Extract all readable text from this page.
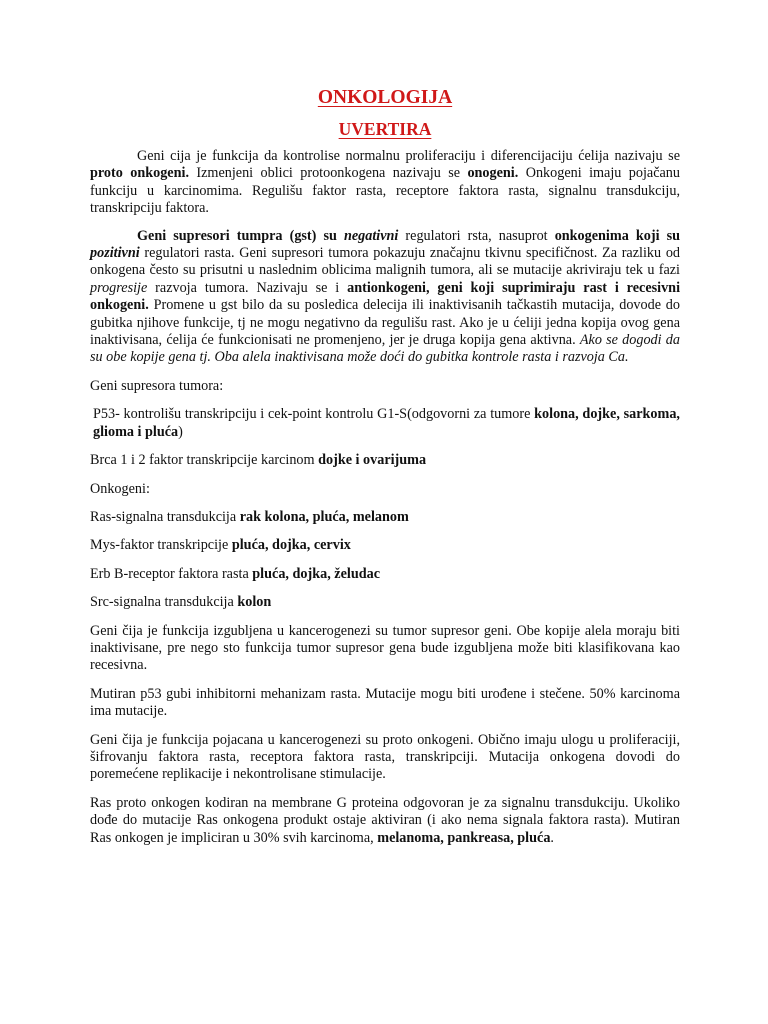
ONKOLOGIJA
UVERTIRA

Geni cija je funkcija da kontrolise normalnu proliferaciju i diferencijaciju ćelija nazivaju se proto onkogeni. Izmenjeni oblici protoonkogena nazivaju se onogeni. Onkogeni imaju pojačanu funkciju u karcinomima. Regulišu faktor rasta, receptore faktora rasta, signalnu transdukciju, transkripciju faktora.

Geni supresori tumpra (gst) su negativni regulatori rsta, nasuprot onkogenima koji su pozitivni regulatori rasta. Geni supresori tumora pokazuju značajnu tkivnu specifičnost. Za razliku od onkogena često su prisutni u naslednim oblicima malignih tumora, ali se mutacije akriviraju tek u fazi progresije razvoja tumora. Nazivaju se i antionkogeni, geni koji suprimiraju rast i recesivni onkogeni. Promene u gst bilo da su posledica delecija ili inaktivisanih tačkastih mutacija, dovode do gubitka njihove funkcije, tj ne mogu negativno da regulišu rast. Ako je u ćeliji jedna kopija ovog gena inaktivisana, ćelija će funkcionisati ne promenjeno, jer je druga kopija gena aktivna. Ako se dogodi da su obe kopije gena tj. Oba alela inaktivisana može doći do gubitka kontrole rasta i razvoja Ca.

Geni supresora tumora:

P53- kontrolišu transkripciju i cek-point kontrolu G1-S(odgovorni za tumore kolona, dojke, sarkoma, glioma i pluća)

Brca 1 i 2 faktor transkripcije karcinom dojke i ovarijuma

Onkogeni:

Ras-signalna transdukcija rak kolona, pluća, melanom

Mys-faktor transkripcije pluća, dojka, cervix

Erb B-receptor faktora rasta pluća, dojka, želudac

Src-signalna transdukcija kolon

Geni čija je funkcija izgubljena u kancerogenezi su tumor supresor geni. Obe kopije alela moraju biti inaktivisane, pre nego sto funkcija tumor supresor gena bude izgubljena može biti klasifikovana kao recesivna.

Mutiran p53 gubi inhibitorni mehanizam rasta. Mutacije mogu biti urođene i stečene. 50% karcinoma ima mutacije.

Geni čija je funkcija pojacana u kancerogenezi su proto onkogeni. Obično imaju ulogu u proliferaciji, šifrovanju faktora rasta, receptora faktora rasta, transkripciji. Mutacija onkogena dovodi do poremećene replikacije i nekontrolisane stimulacije.

Ras proto onkogen kodiran na membrane G proteina odgovoran je za signalnu transdukciju. Ukoliko dođe do mutacije Ras onkogena produkt ostaje aktiviran (i ako nema signala faktora rasta). Mutiran Ras onkogen je impliciran u 30% svih karcinoma, melanoma, pankreasa, pluća.
